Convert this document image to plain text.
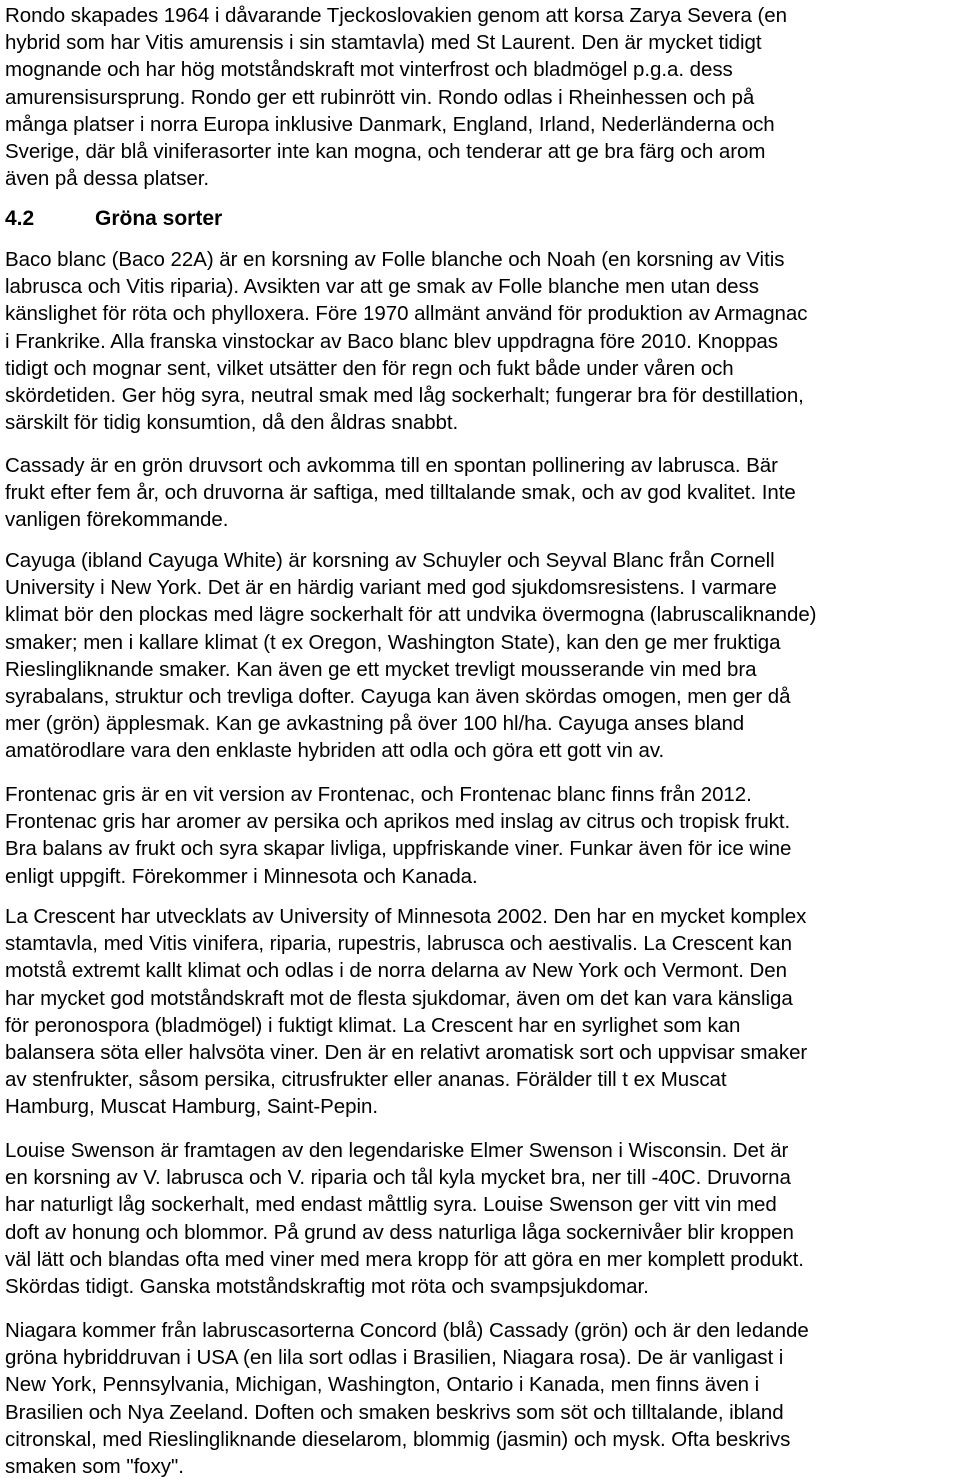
Rondo skapades 1964 i dåvarande Tjeckoslovakien genom att korsa Zarya Severa (en
hybrid som har Vitis amurensis i sin stamtavla) med St Laurent. Den är mycket tidigt
mognande och har hög motståndskraft mot vinterfrost och bladmögel p.g.a. dess
amurensisursprung. Rondo ger ett rubinrött vin. Rondo odlas i Rheinhessen och på
många platser i norra Europa inklusive Danmark, England, Irland, Nederländerna och
Sverige, där blå viniferasorter inte kan mogna, och tenderar att ge bra färg och arom
även på dessa platser.

4.2	Gröna sorter

Baco blanc (Baco 22A) är en korsning av Folle blanche och Noah (en korsning av Vitis
labrusca och Vitis riparia). Avsikten var att ge smak av Folle blanche men utan dess
känslighet för röta och phylloxera. Före 1970 allmänt använd för produktion av Armagnac
i Frankrike. Alla franska vinstockar av Baco blanc blev uppdragna före 2010. Knoppas
tidigt och mognar sent, vilket utsätter den för regn och fukt både under våren och
skördetiden. Ger hög syra, neutral smak med låg sockerhalt; fungerar bra för destillation,
särskilt för tidig konsumtion, då den åldras snabbt.

Cassady är en grön druvsort och avkomma till en spontan pollinering av labrusca. Bär
frukt efter fem år, och druvorna är saftiga, med tilltalande smak, och av god kvalitet. Inte
vanligen förekommande.

Cayuga (ibland Cayuga White) är korsning av Schuyler och Seyval Blanc från Cornell
University i New York. Det är en härdig variant med god sjukdomsresistens. I varmare
klimat bör den plockas med lägre sockerhalt för att undvika övermogna (labruscaliknande)
smaker; men i kallare klimat (t ex Oregon, Washington State), kan den ge mer fruktiga
Rieslingliknande smaker. Kan även ge ett mycket trevligt mousserande vin med bra
syrabalans, struktur och trevliga dofter. Cayuga kan även skördas omogen, men ger då
mer (grön) äpplesmak. Kan ge avkastning på över 100 hl/ha. Cayuga anses bland
amatörodlare vara den enklaste hybriden att odla och göra ett gott vin av.

Frontenac gris är en vit version av Frontenac, och Frontenac blanc finns från 2012.
Frontenac gris har aromer av persika och aprikos med inslag av citrus och tropisk frukt.
Bra balans av frukt och syra skapar livliga, uppfriskande viner. Funkar även för ice wine
enligt uppgift. Förekommer i Minnesota och Kanada.

La Crescent har utvecklats av University of Minnesota 2002. Den har en mycket komplex
stamtavla, med Vitis vinifera, riparia, rupestris, labrusca och aestivalis. La Crescent kan
motstå extremt kallt klimat och odlas i de norra delarna av New York och Vermont. Den
har mycket god motståndskraft mot de flesta sjukdomar, även om det kan vara känsliga
för peronospora (bladmögel) i fuktigt klimat. La Crescent har en syrlighet som kan
balansera söta eller halvsöta viner. Den är en relativt aromatisk sort och uppvisar smaker
av stenfrukter, såsom persika, citrusfrukter eller ananas. Förälder till t ex Muscat
Hamburg, Muscat Hamburg, Saint-Pepin.

Louise Swenson är framtagen av den legendariske Elmer Swenson i Wisconsin. Det är
en korsning av V. labrusca och V. riparia och tål kyla mycket bra, ner till -40C. Druvorna
har naturligt låg sockerhalt, med endast måttlig syra. Louise Swenson ger vitt vin med
doft av honung och blommor. På grund av dess naturliga låga sockernivåer blir kroppen
väl lätt och blandas ofta med viner med mera kropp för att göra en mer komplett produkt.
Skördas tidigt. Ganska motståndskraftig mot röta och svampsjukdomar.

Niagara kommer från labruscasorterna Concord (blå) Cassady (grön) och är den ledande
gröna hybriddruvan i USA (en lila sort odlas i Brasilien, Niagara rosa). De är vanligast i
New York, Pennsylvania, Michigan, Washington, Ontario i Kanada, men finns även i
Brasilien och Nya Zeeland. Doften och smaken beskrivs som söt och tilltalande, ibland
citronskal, med Rieslingliknande dieselarom, blommig (jasmin) och mysk. Ofta beskrivs
smaken som "foxy".
